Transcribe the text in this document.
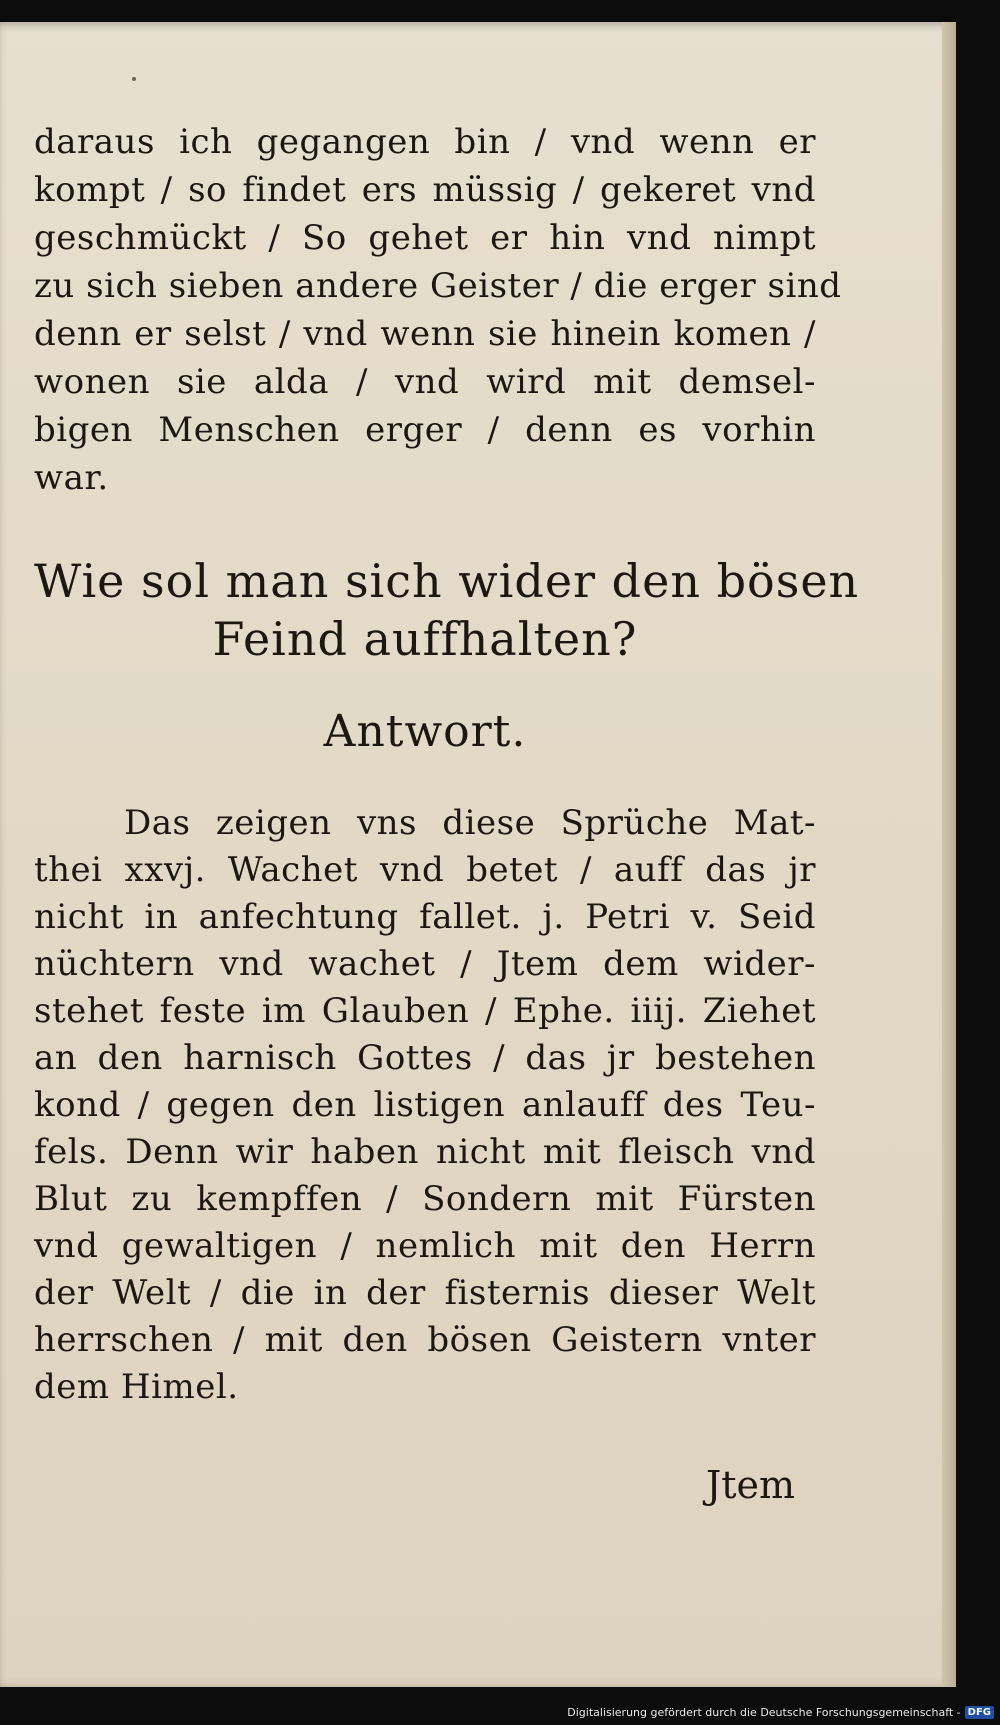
daraus ich gegangen bin / vnd wenn er
kompt / so findet ers müssig / gekeret vnd
geschmückt / So gehet er hin vnd nimpt
zu sich sieben andere Geister / die erger sind
denn er selst / vnd wenn sie hinein komen /
wonen sie alda / vnd wird mit demsel-
bigen Menschen erger / denn es vorhin
war.
Wie sol man sich wider den bösen
Feind auffhalten?
Antwort.
Das zeigen vns diese Sprüche Mat-
thei xxvj. Wachet vnd betet / auff das jr
nicht in anfechtung fallet. j. Petri v. Seid
nüchtern vnd wachet / Jtem dem wider-
stehet feste im Glauben / Ephe. iiij. Ziehet
an den harnisch Gottes / das jr bestehen
kond / gegen den listigen anlauff des Teu-
fels. Denn wir haben nicht mit fleisch vnd
Blut zu kempffen / Sondern mit Fürsten
vnd gewaltigen / nemlich mit den Herrn
der Welt / die in der fisternis dieser Welt
herrschen / mit den bösen Geistern vnter
dem Himel.
Jtem
Digitalisierung gefördert durch die Deutsche Forschungsgemeinschaft - DFG
